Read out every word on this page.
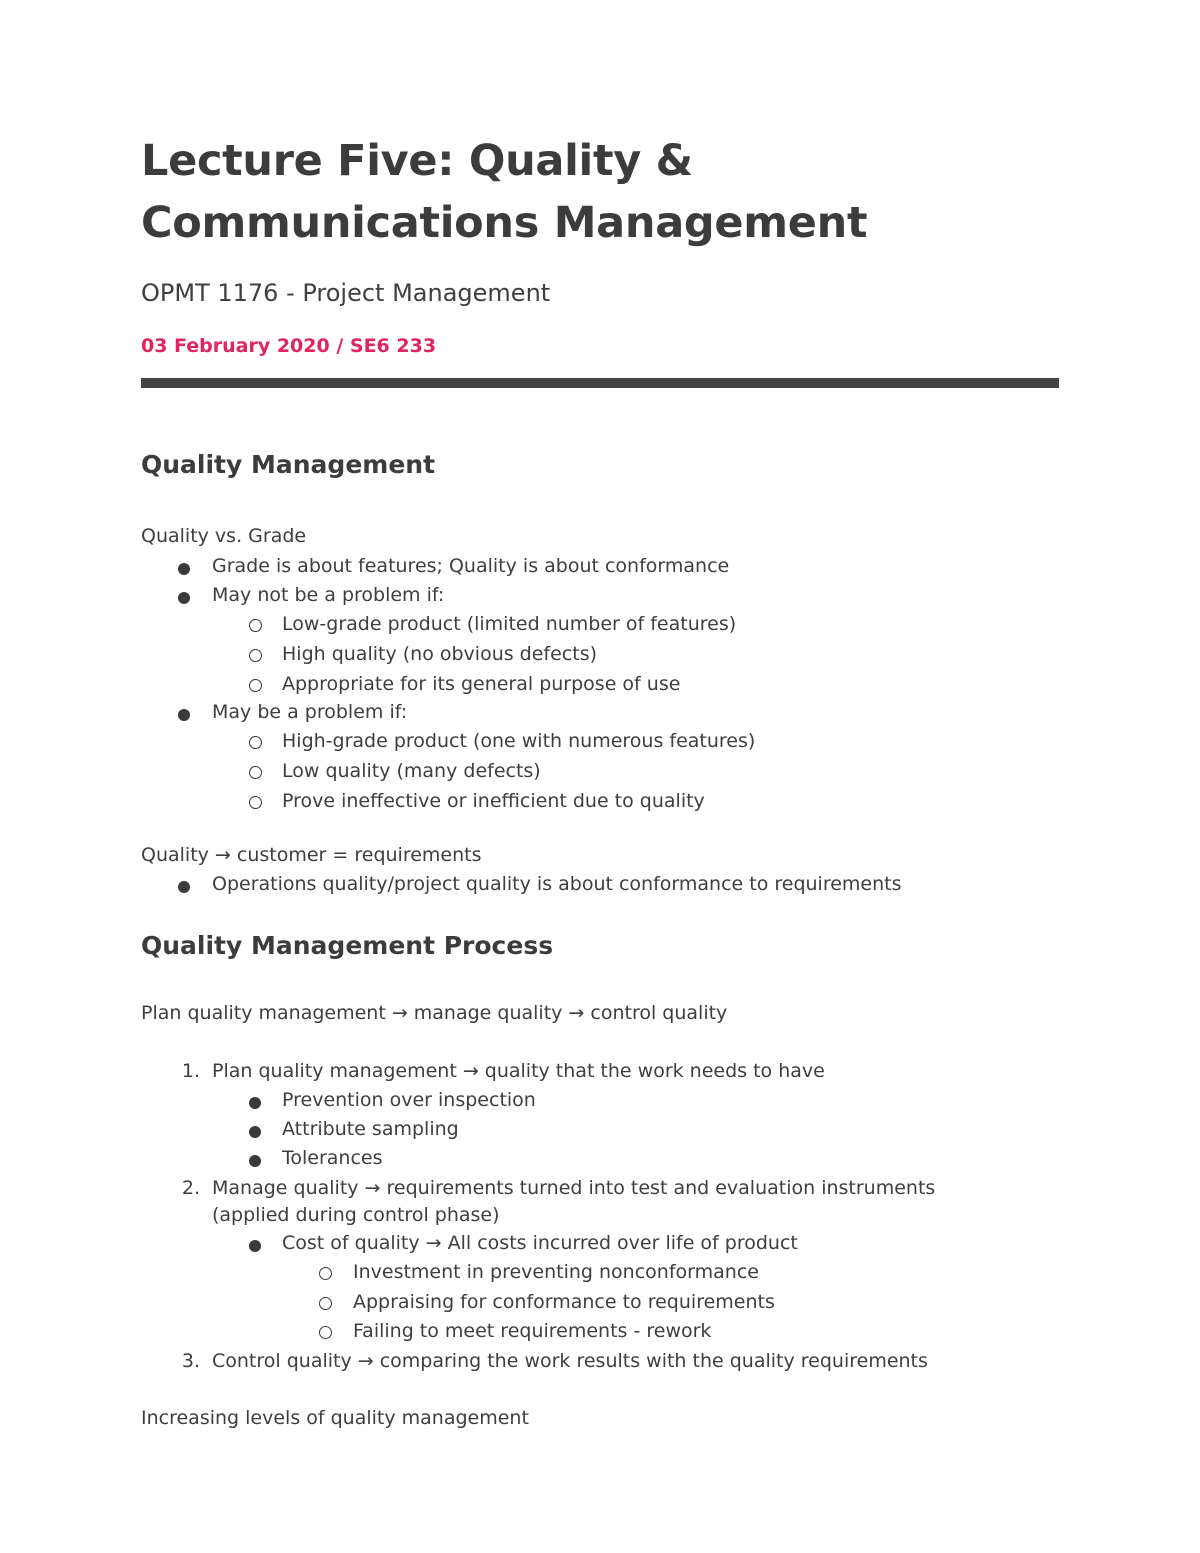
Lecture Five: Quality &
Communications Management

OPMT 1176 - Project Management

03 February 2020 / SE6 233

Quality Management
Quality vs. Grade
Grade is about features; Quality is about conformance
May not be a problem if:
Low-grade product (limited number of features)
High quality (no obvious defects)
Appropriate for its general purpose of use
May be a problem if:
High-grade product (one with numerous features)
Low quality (many defects)
Prove ineffective or inefficient due to quality
Quality → customer = requirements
Operations quality/project quality is about conformance to requirements
Quality Management Process
Plan quality management → manage quality → control quality
1. Plan quality management → quality that the work needs to have
Prevention over inspection
Attribute sampling
Tolerances
2. Manage quality → requirements turned into test and evaluation instruments
(applied during control phase)
Cost of quality → All costs incurred over life of product
Investment in preventing nonconformance
Appraising for conformance to requirements
Failing to meet requirements - rework
3. Control quality → comparing the work results with the quality requirements
Increasing levels of quality management
